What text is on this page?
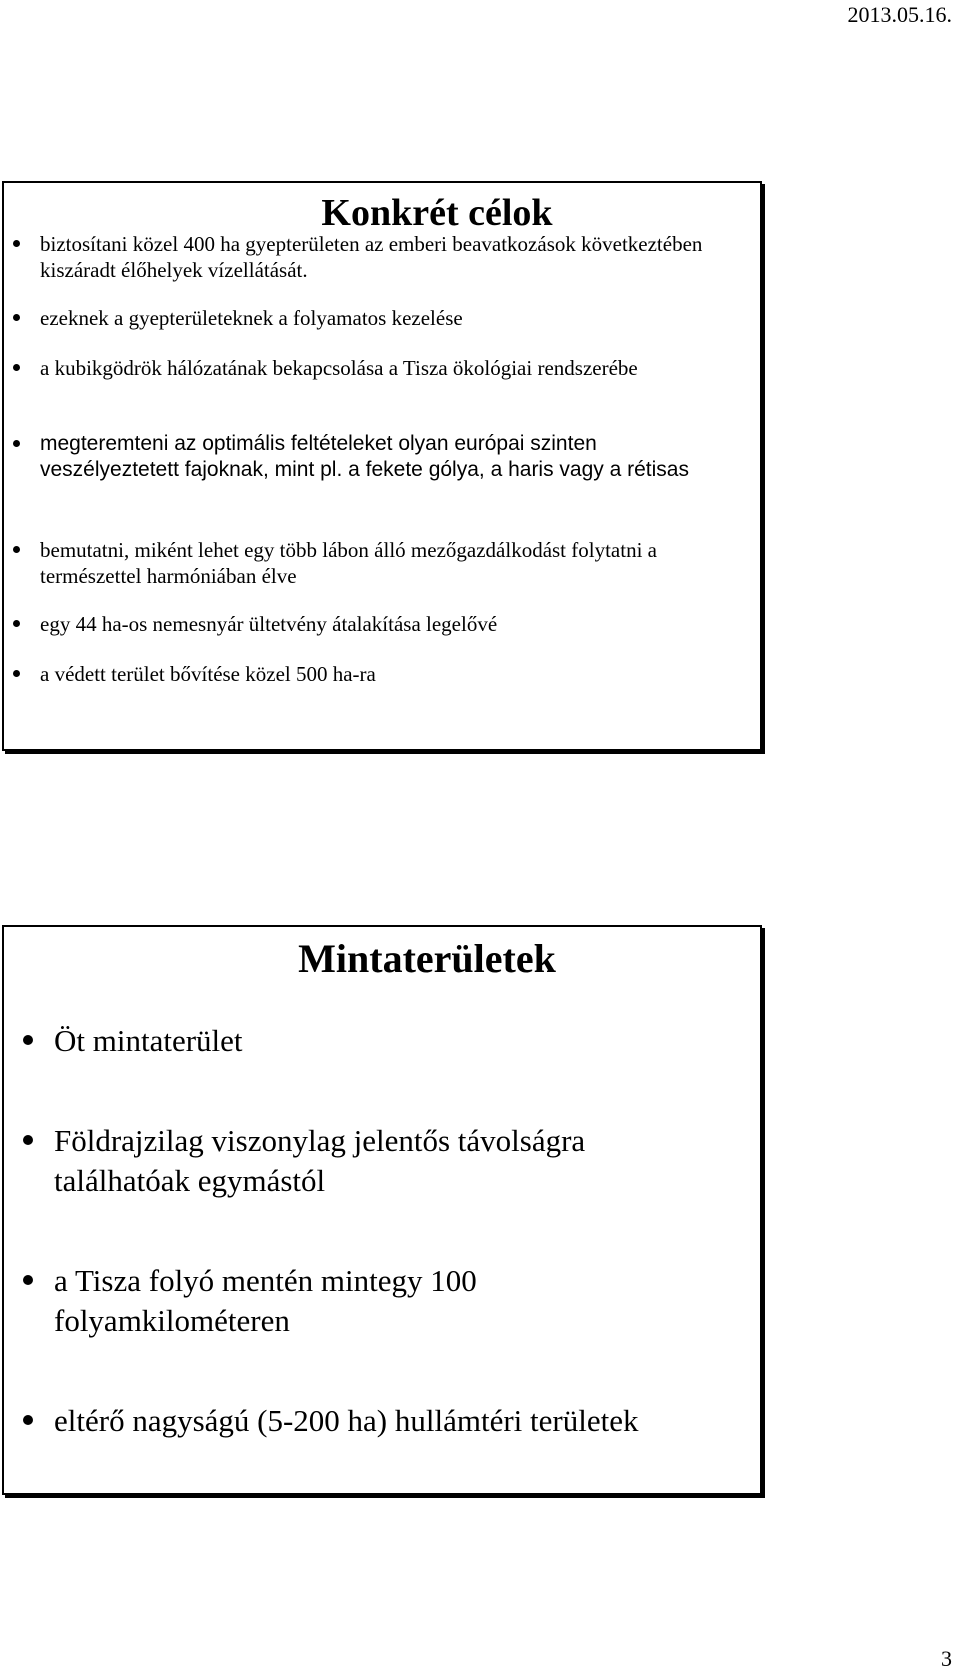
2013.05.16.
Konkrét célok
biztosítani közel 400 ha gyepterületen az emberi beavatkozások következtében kiszáradt élőhelyek vízellátását.
ezeknek a gyepterületeknek a folyamatos kezelése
a kubikgödrök hálózatának bekapcsolása a Tisza ökológiai rendszerébe
megteremteni az optimális feltételeket olyan európai szinten veszélyeztetett fajoknak, mint pl. a fekete gólya, a haris vagy a rétisas
bemutatni, miként lehet egy több lábon álló mezőgazdálkodást folytatni a természettel harmóniában élve
egy 44 ha-os nemesnyár ültetvény átalakítása legelővé
a védett terület bővítése közel 500 ha-ra
Mintaterületek
Öt mintaterület
Földrajzilag viszonylag jelentős távolságra találhatóak egymástól
a Tisza folyó mentén mintegy 100 folyamkilométeren
eltérő nagyságú (5-200 ha) hullámtéri területek
3
